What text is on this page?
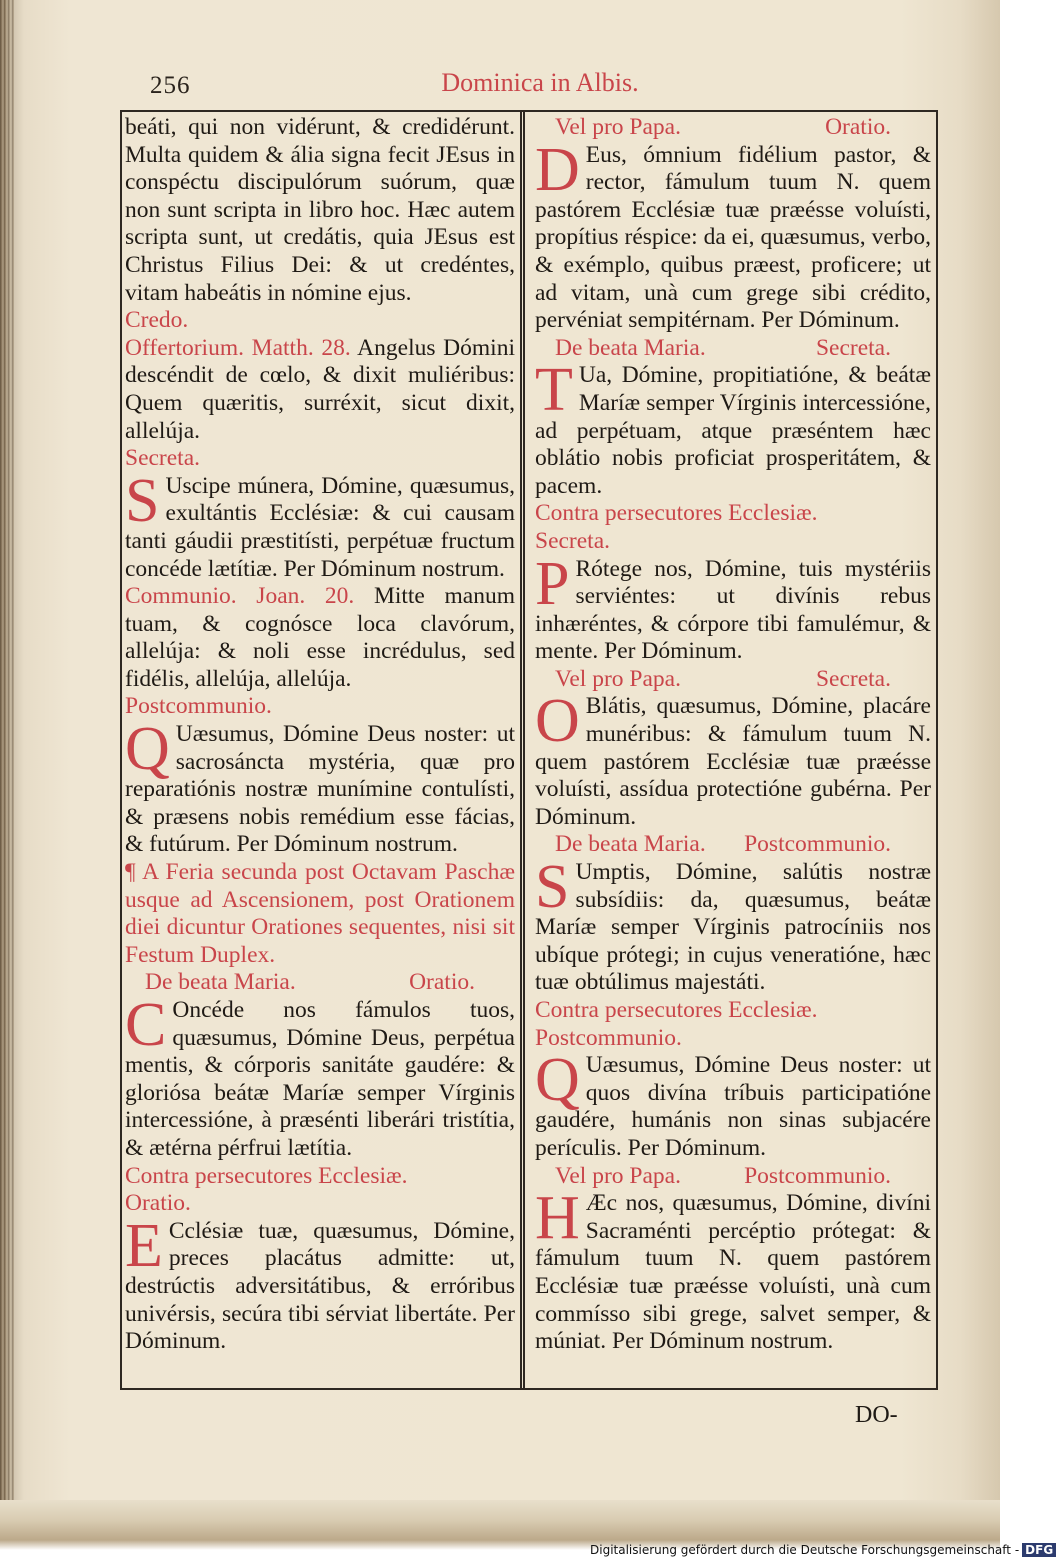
256	Dominica in Albis.

beáti, qui non vidérunt, & credidérunt. Multa quidem & ália signa fecit JEsus in conspéctu discipulórum suórum, quæ non sunt scripta in libro hoc. Hæc autem scripta sunt, ut credátis, quia JEsus est Christus Filius Dei: & ut credéntes, vitam habeátis in nómine ejus.

Credo.

Offertorium. Matth. 28. Angelus Dómini descéndit de cœlo, & dixit muliéribus: Quem quæritis, surréxit, sicut dixit, allelúja.

Secreta.

S Uscipe múnera, Dómine, quæsumus, exultántis Ecclésiæ: & cui causam tanti gáudii præstitísti, perpétuæ fructum concéde lætítiæ. Per Dóminum nostrum.

Communio. Joan. 20. Mitte manum tuam, & cognósce loca clavórum, allelúja: & noli esse incrédulus, sed fidélis, allelúja, allelúja.

Postcommunio.

Q Uæsumus, Dómine Deus noster: ut sacrosáncta mystéria, quæ pro reparatiónis nostræ munímine contulísti, & præsens nobis remédium esse fácias, & futúrum. Per Dóminum nostrum.

¶ A Feria secunda post Octavam Paschæ usque ad Ascensionem, post Orationem diei dicuntur Orationes sequentes, nisi sit Festum Duplex.

De beata Maria.	Oratio.

C Oncéde nos fámulos tuos, quæsumus, Dómine Deus, perpétua mentis, & córporis sanitáte gaudére: & gloriósa beátæ Maríæ semper Vírginis intercessióne, à præsénti liberári tristítia, & ætérna pérfrui lætítia.

Contra persecutores Ecclesiæ.

Oratio.

E Cclésiæ tuæ, quæsumus, Dómine, preces placátus admitte: ut, destrúctis adversitátibus, & erróribus univérsis, secúra tibi sérviat libertáte. Per Dóminum.

Vel pro Papa.	Oratio.

D Eus, ómnium fidélium pastor, & rector, fámulum tuum N. quem pastórem Ecclésiæ tuæ præésse voluísti, propítius réspice: da ei, quæsumus, verbo, & exémplo, quibus præest, proficere; ut ad vitam, unà cum grege sibi crédito, pervéniat sempitérnam. Per Dóminum.

De beata Maria.	Secreta.

T Ua, Dómine, propitiatióne, & beátæ Maríæ semper Vírginis intercessióne, ad perpétuam, atque præséntem hæc oblátio nobis proficiat prosperitátem, & pacem.

Contra persecutores Ecclesiæ.

Secreta.

P Rótege nos, Dómine, tuis mystériis serviéntes: ut divínis rebus inhæréntes, & córpore tibi famulémur, & mente. Per Dóminum.

Vel pro Papa.	Secreta.

O Blátis, quæsumus, Dómine, placáre munéribus: & fámulum tuum N. quem pastórem Ecclésiæ tuæ præésse voluísti, assídua protectióne gubérna. Per Dóminum.

De beata Maria. Postcommunio.

S Umptis, Dómine, salútis nostræ subsídiis: da, quæsumus, beátæ Maríæ semper Vírginis patrocíniis nos ubíque prótegi; in cujus veneratióne, hæc tuæ obtúlimus majestáti.

Contra persecutores Ecclesiæ.

Postcommunio.

Q Uæsumus, Dómine Deus noster: ut quos divína tríbuis participatióne gaudére, humánis non sinas subjacére perículis. Per Dóminum.

Vel pro Papa.	Postcommunio.

H Æc nos, quæsumus, Dómine, divíni Sacraménti percéptio prótegat: & fámulum tuum N. quem pastórem Ecclésiæ tuæ præésse voluísti, unà cum commísso sibi grege, salvet semper, & múniat. Per Dóminum nostrum.

DO-
Digitalisierung gefördert durch die Deutsche Forschungsgemeinschaft - DFG
